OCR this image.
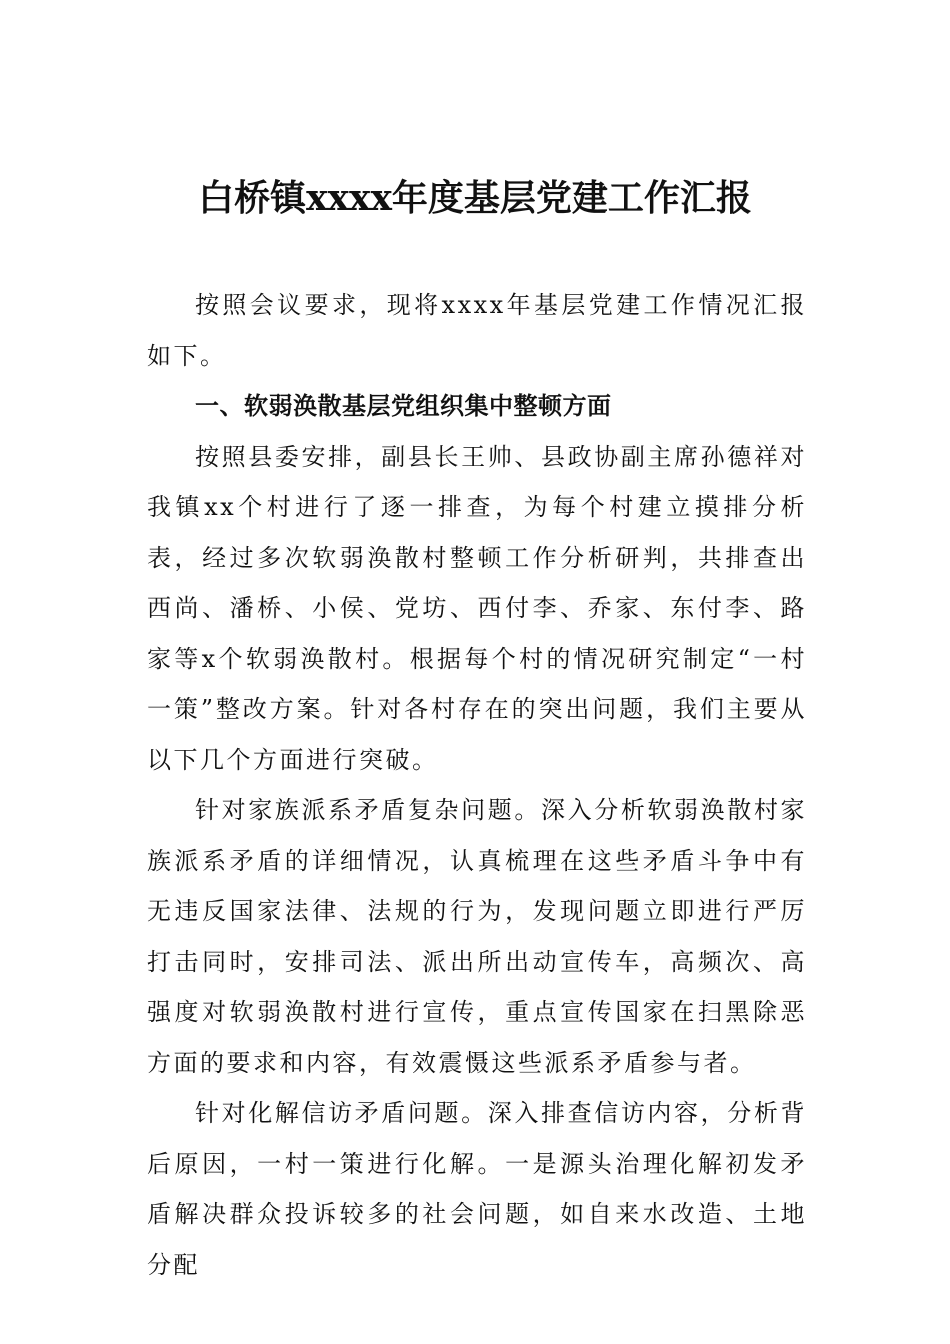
白桥镇xxxx年度基层党建工作汇报

按照会议要求，现将xxxx年基层党建工作情况汇报如下。

一、软弱涣散基层党组织集中整顿方面

按照县委安排，副县长王帅、县政协副主席孙德祥对我镇xx个村进行了逐一排查，为每个村建立摸排分析表，经过多次软弱涣散村整顿工作分析研判，共排查出西尚、潘桥、小侯、党坊、西付李、乔家、东付李、路家等x个软弱涣散村。根据每个村的情况研究制定“一村一策”整改方案。针对各村存在的突出问题，我们主要从以下几个方面进行突破。

针对家族派系矛盾复杂问题。深入分析软弱涣散村家族派系矛盾的详细情况，认真梳理在这些矛盾斗争中有无违反国家法律、法规的行为，发现问题立即进行严厉打击同时，安排司法、派出所出动宣传车，高频次、高强度对软弱涣散村进行宣传，重点宣传国家在扫黑除恶方面的要求和内容，有效震慑这些派系矛盾参与者。

针对化解信访矛盾问题。深入排查信访内容，分析背后原因，一村一策进行化解。一是源头治理化解初发矛盾解决群众投诉较多的社会问题，如自来水改造、土地分配
